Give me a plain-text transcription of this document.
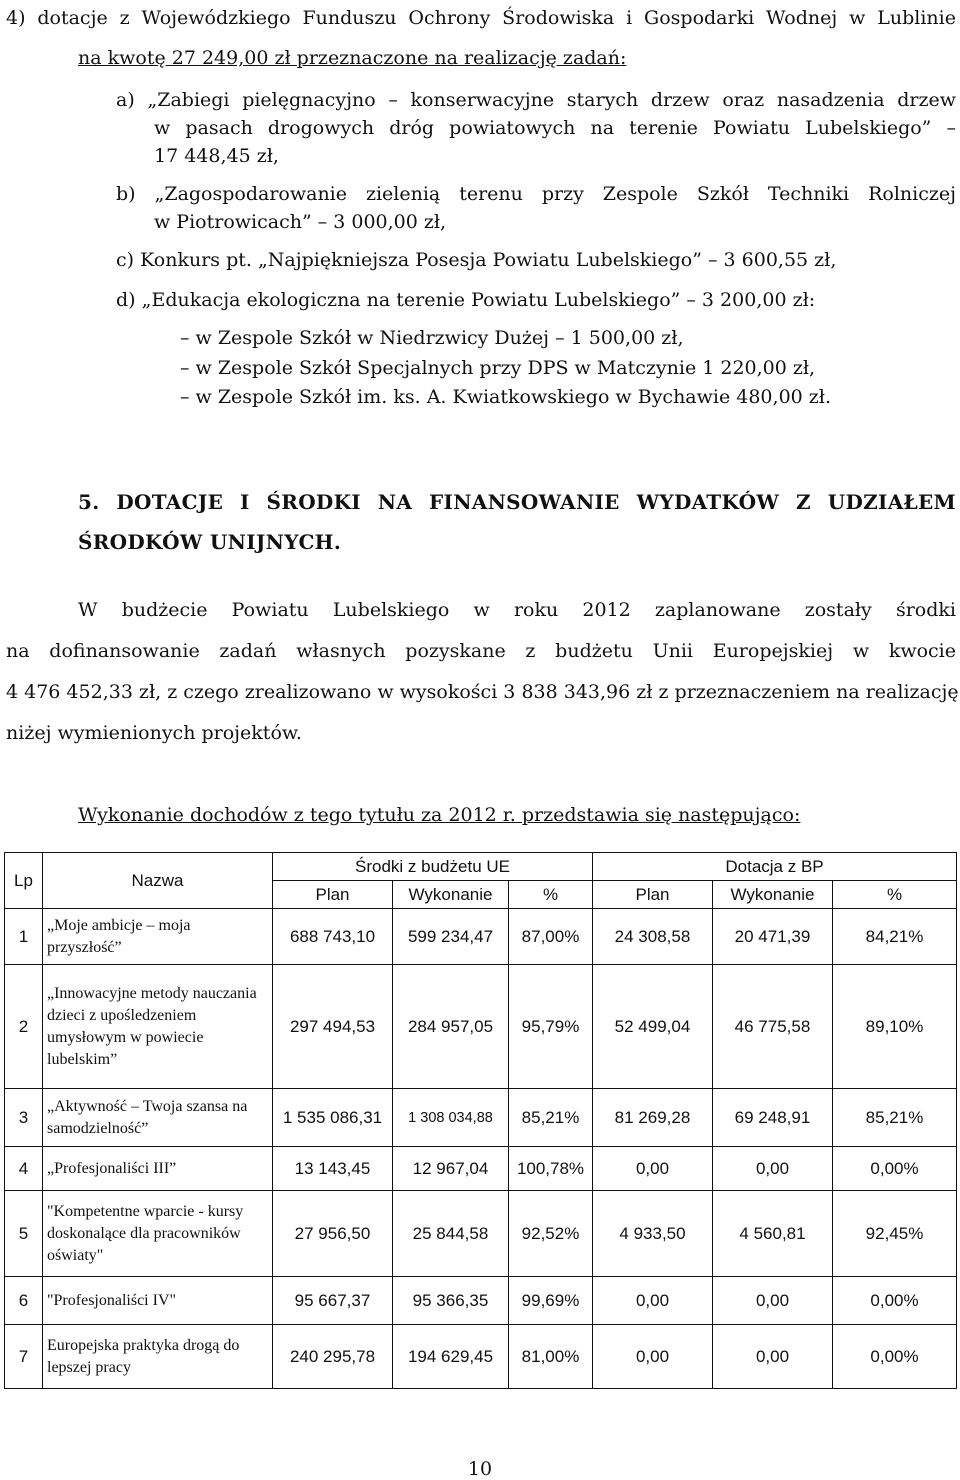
4) dotacje z Wojewódzkiego Funduszu Ochrony Środowiska i Gospodarki Wodnej w Lublinie
na kwotę 27 249,00 zł przeznaczone na realizację zadań:
a) „Zabiegi pielęgnacyjno – konserwacyjne starych drzew oraz nasadzenia drzew
w pasach drogowych dróg powiatowych na terenie Powiatu Lubelskiego” –
17 448,45 zł,
b) „Zagospodarowanie zielenią terenu przy Zespole Szkół Techniki Rolniczej
w Piotrowicach” – 3 000,00 zł,
c) Konkurs pt. „Najpiękniejsza Posesja Powiatu Lubelskiego” – 3 600,55 zł,
d) „Edukacja ekologiczna na terenie Powiatu Lubelskiego” – 3 200,00 zł:
– w Zespole Szkół w Niedrzwicy Dużej – 1 500,00 zł,
– w Zespole Szkół Specjalnych przy DPS w Matczynie 1 220,00 zł,
– w Zespole Szkół im. ks. A. Kwiatkowskiego w Bychawie 480,00 zł.
5. DOTACJE I ŚRODKI NA FINANSOWANIE WYDATKÓW Z UDZIAŁEM
ŚRODKÓW UNIJNYCH.
W budżecie Powiatu Lubelskiego w roku 2012 zaplanowane zostały środki
na dofinansowanie zadań własnych pozyskane z budżetu Unii Europejskiej w kwocie
4 476 452,33 zł, z czego zrealizowano w wysokości 3 838 343,96 zł z przeznaczeniem na realizację
niżej wymienionych projektów.
Wykonanie dochodów z tego tytułu za 2012 r. przedstawia się następująco:
Lp	Nazwa	Środki z budżetu UE			Dotacja z BP		
		Plan	Wykonanie	%	Plan	Wykonanie	%
1	„Moje ambicje – moja przyszłość”	688 743,10	599 234,47	87,00%	24 308,58	20 471,39	84,21%
2	„Innowacyjne metody nauczania dzieci z upośledzeniem umysłowym w powiecie lubelskim”	297 494,53	284 957,05	95,79%	52 499,04	46 775,58	89,10%
3	„Aktywność – Twoja szansa na samodzielność”	1 535 086,31	1 308 034,88	85,21%	81 269,28	69 248,91	85,21%
4	„Profesjonaliści III”	13 143,45	12 967,04	100,78%	0,00	0,00	0,00%
5	"Kompetentne wparcie - kursy doskonalące dla pracowników oświaty"	27 956,50	25 844,58	92,52%	4 933,50	4 560,81	92,45%
6	"Profesjonaliści IV"	95 667,37	95 366,35	99,69%	0,00	0,00	0,00%
7	Europejska praktyka drogą do lepszej pracy	240 295,78	194 629,45	81,00%	0,00	0,00	0,00%
10
